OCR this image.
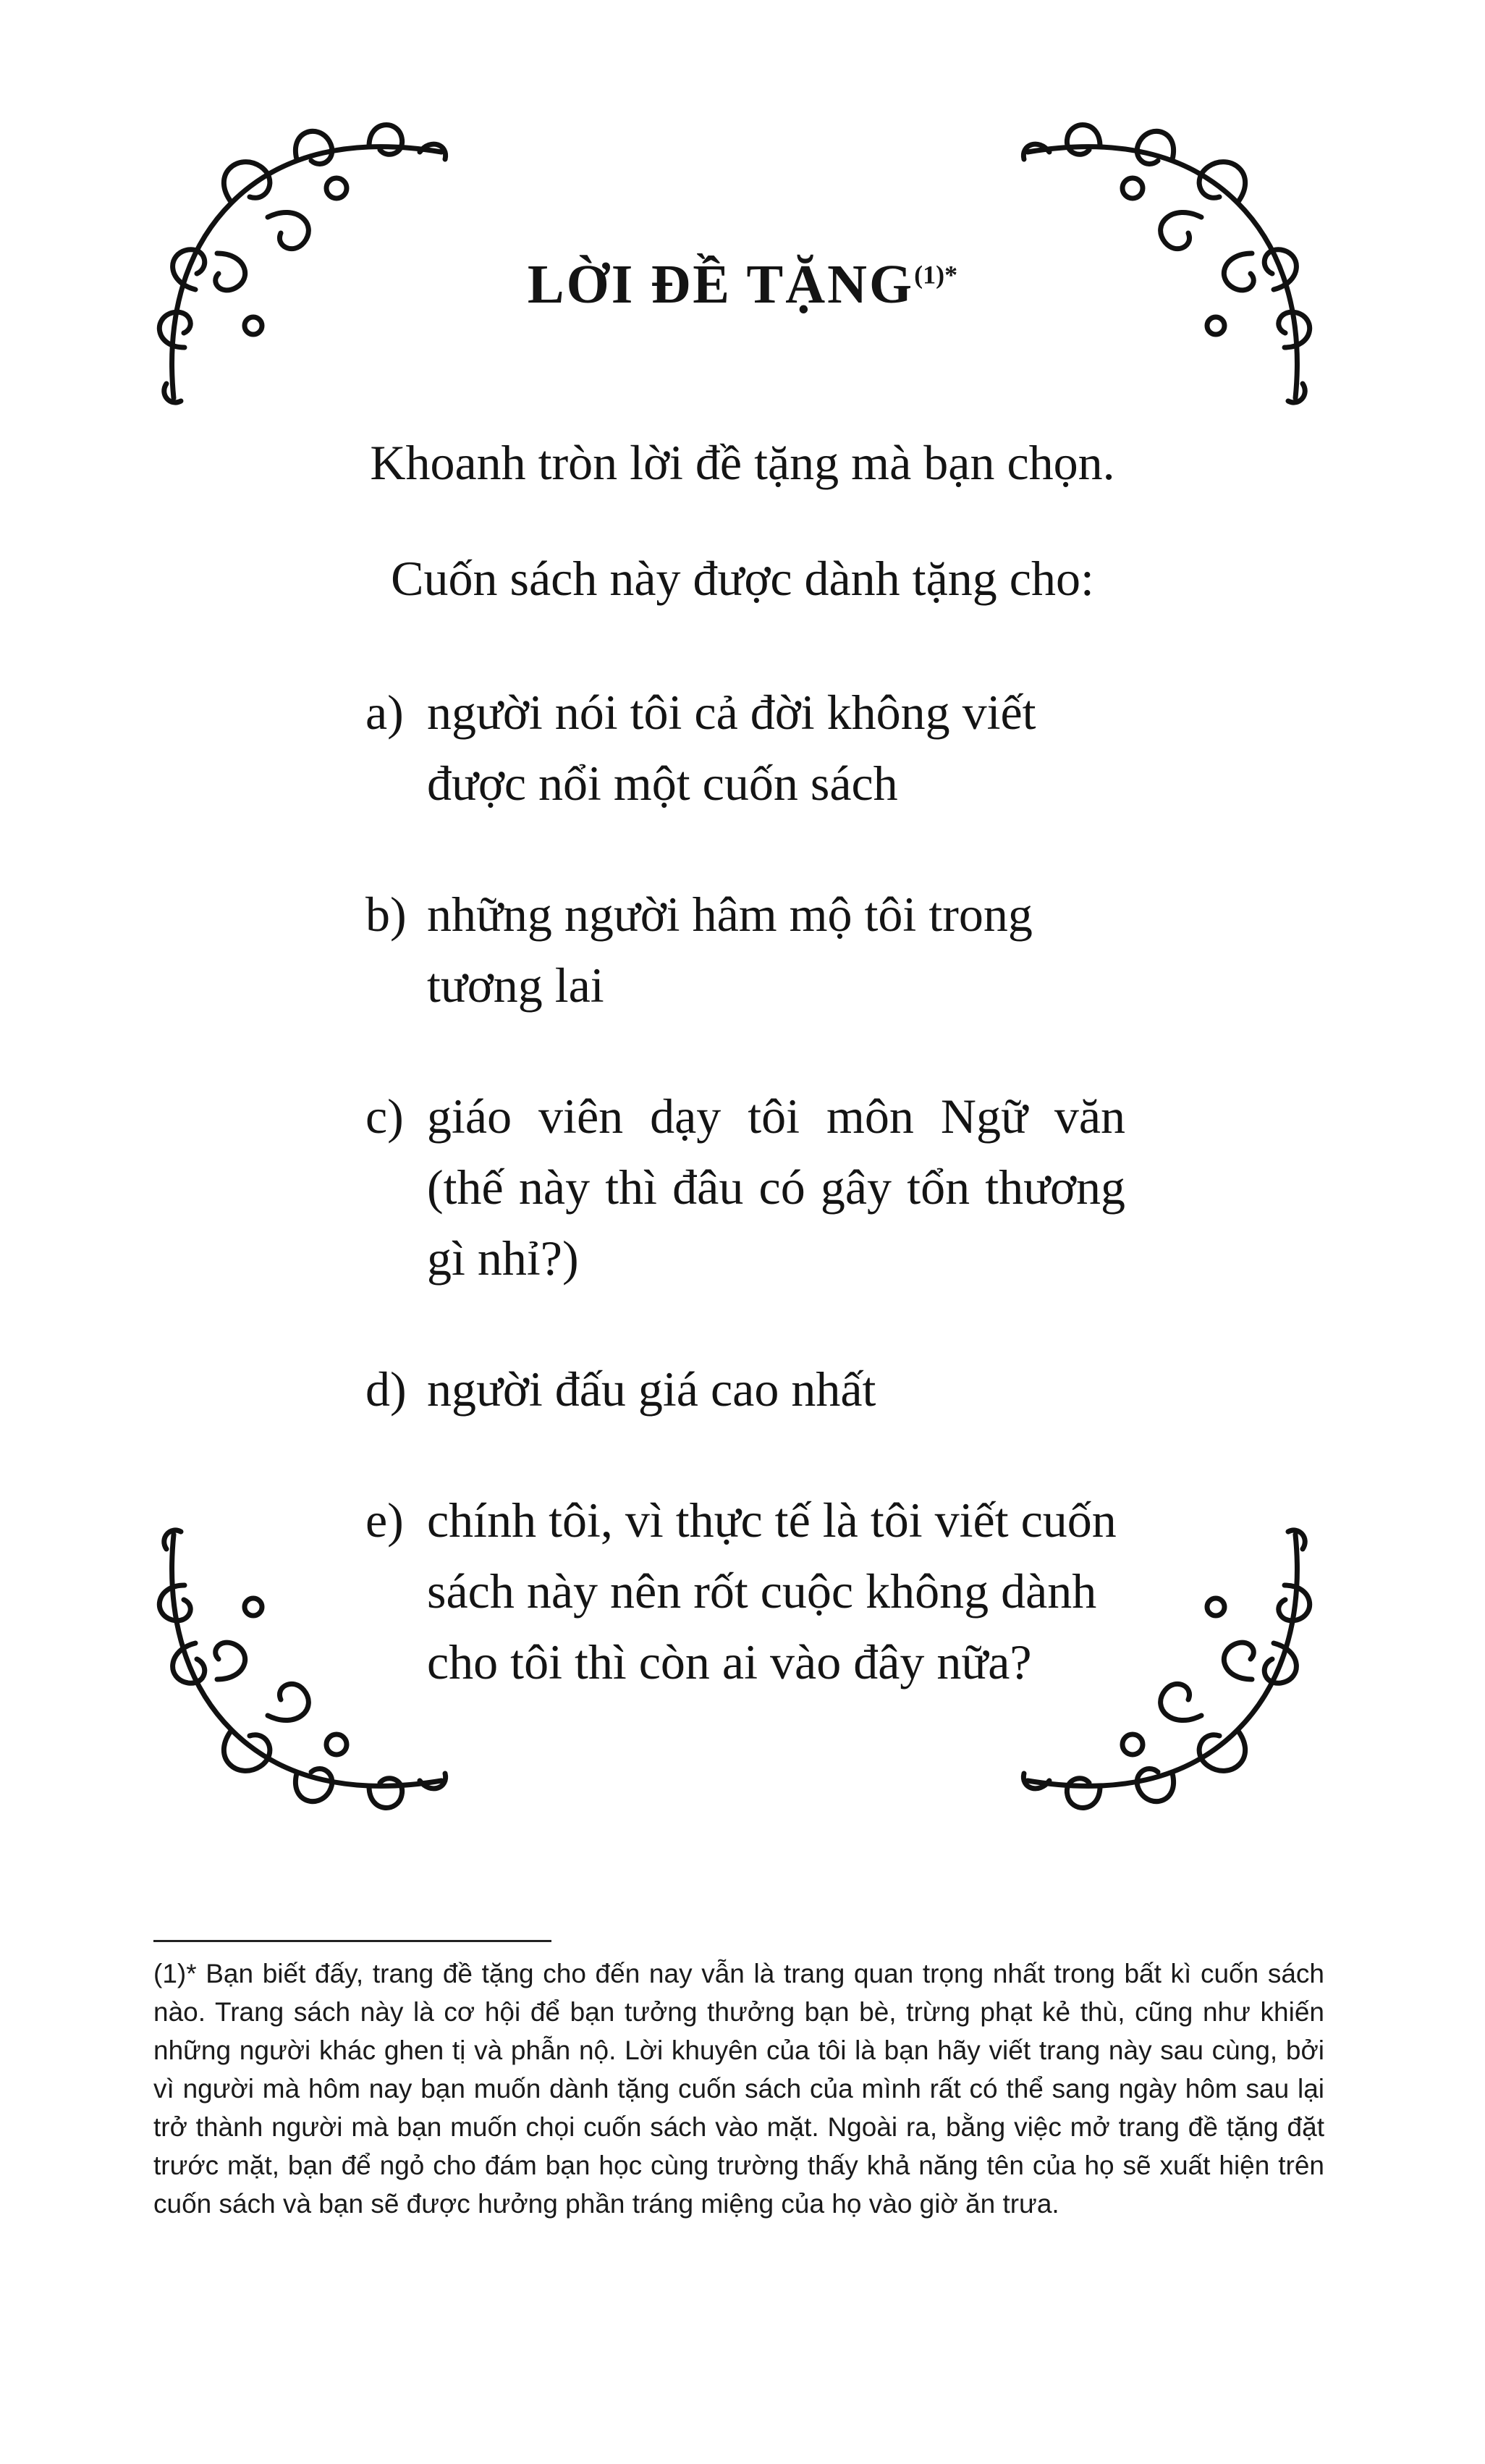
LỜI ĐỀ TẶNG$^{(1)*}$
Khoanh tròn lời đề tặng mà bạn chọn.
Cuốn sách này được dành tặng cho:
a) người nói tôi cả đời không viết được nổi một cuốn sách
b) những người hâm mộ tôi trong tương lai
c) giáo viên dạy tôi môn Ngữ văn (thế này thì đâu có gây tổn thương gì nhỉ?)
d) người đấu giá cao nhất
e) chính tôi, vì thực tế là tôi viết cuốn sách này nên rốt cuộc không dành cho tôi thì còn ai vào đây nữa?
(1)* Bạn biết đấy, trang đề tặng cho đến nay vẫn là trang quan trọng nhất trong bất kì cuốn sách nào. Trang sách này là cơ hội để bạn tưởng thưởng bạn bè, trừng phạt kẻ thù, cũng như khiến những người khác ghen tị và phẫn nộ. Lời khuyên của tôi là bạn hãy viết trang này sau cùng, bởi vì người mà hôm nay bạn muốn dành tặng cuốn sách của mình rất có thể sang ngày hôm sau lại trở thành người mà bạn muốn chọi cuốn sách vào mặt. Ngoài ra, bằng việc mở trang đề tặng đặt trước mặt, bạn để ngỏ cho đám bạn học cùng trường thấy khả năng tên của họ sẽ xuất hiện trên cuốn sách và bạn sẽ được hưởng phần tráng miệng của họ vào giờ ăn trưa.
